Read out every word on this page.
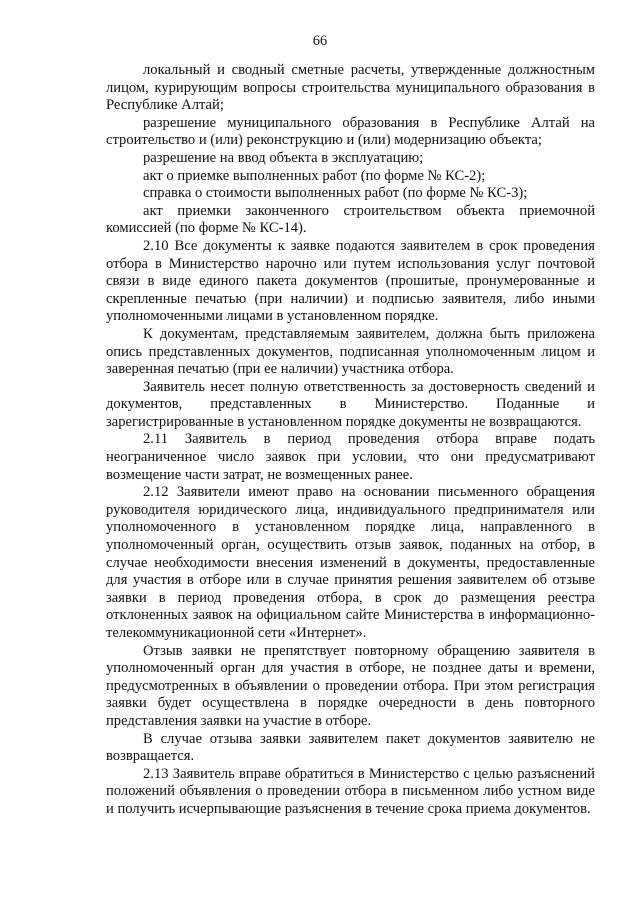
66

локальный и сводный сметные расчеты, утвержденные должностным лицом, курирующим вопросы строительства муниципального образования в Республике Алтай;

разрешение муниципального образования в Республике Алтай на строительство и (или) реконструкцию и (или) модернизацию объекта;

разрешение на ввод объекта в эксплуатацию;

акт о приемке выполненных работ (по форме № КС-2);

справка о стоимости выполненных работ (по форме № КС-3);

акт приемки законченного строительством объекта приемочной комиссией (по форме № КС-14).

2.10 Все документы к заявке подаются заявителем в срок проведения отбора в Министерство нарочно или путем использования услуг почтовой связи в виде единого пакета документов (прошитые, пронумерованные и скрепленные печатью (при наличии) и подписью заявителя, либо иными уполномоченными лицами в установленном порядке.

К документам, представляемым заявителем, должна быть приложена опись представленных документов, подписанная уполномоченным лицом и заверенная печатью (при ее наличии) участника отбора.

Заявитель несет полную ответственность за достоверность сведений и документов, представленных в Министерство. Поданные и зарегистрированные в установленном порядке документы не возвращаются.

2.11 Заявитель в период проведения отбора вправе подать неограниченное число заявок при условии, что они предусматривают возмещение части затрат, не возмещенных ранее.

2.12 Заявители имеют право на основании письменного обращения руководителя юридического лица, индивидуального предпринимателя или уполномоченного в установленном порядке лица, направленного в уполномоченный орган, осуществить отзыв заявок, поданных на отбор, в случае необходимости внесения изменений в документы, предоставленные для участия в отборе или в случае принятия решения заявителем об отзыве заявки в период проведения отбора, в срок до размещения реестра отклоненных заявок на официальном сайте Министерства в информационно-телекоммуникационной сети «Интернет».

Отзыв заявки не препятствует повторному обращению заявителя в уполномоченный орган для участия в отборе, не позднее даты и времени, предусмотренных в объявлении о проведении отбора. При этом регистрация заявки будет осуществлена в порядке очередности в день повторного представления заявки на участие в отборе.

В случае отзыва заявки заявителем пакет документов заявителю не возвращается.

2.13 Заявитель вправе обратиться в Министерство с целью разъяснений положений объявления о проведении отбора в письменном либо устном виде и получить исчерпывающие разъяснения в течение срока приема документов.
